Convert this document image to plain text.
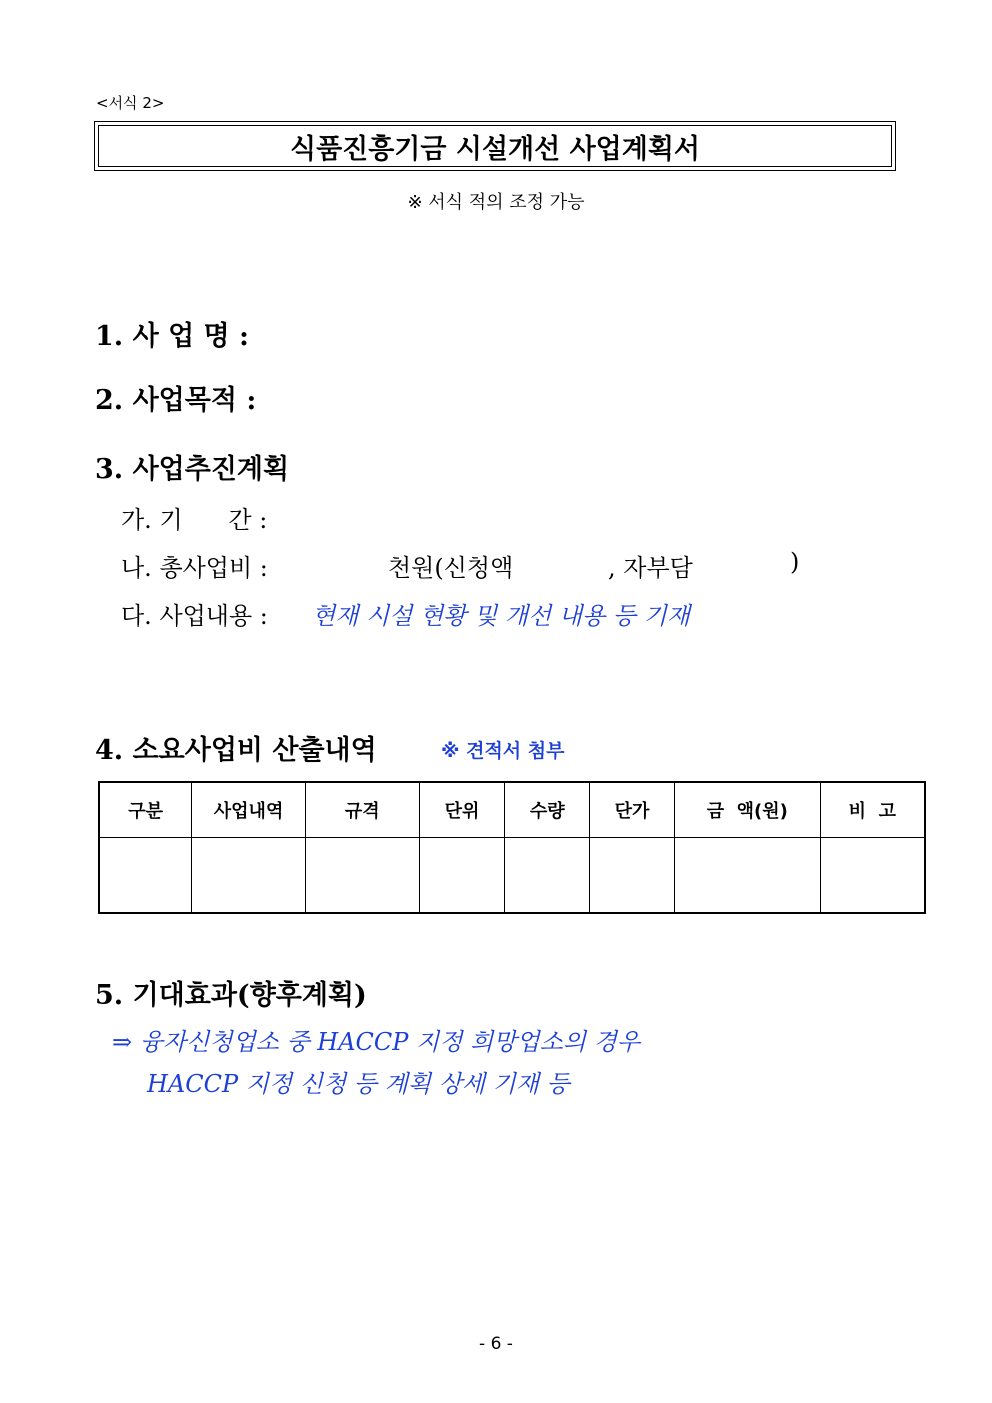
<서식 2>
식품진흥기금 시설개선 사업계획서
※ 서식 적의 조정 가능
1. 사 업 명 :
2. 사업목적 :
3. 사업추진계획
가. 기      간 :
나. 총사업비 :	천원(신청액	, 자부담	)
다. 사업내용 : 현재 시설 현황 및 개선 내용 등 기재
4. 소요사업비 산출내역	※ 견적서 첨부
구분	사업내역	규격	단위	수량	단가	금  액(원)	비  고

5. 기대효과(향후계획)
⇒ 융자신청업소 중 HACCP 지정 희망업소의 경우
HACCP 지정 신청 등 계획 상세 기재 등
- 6 -
